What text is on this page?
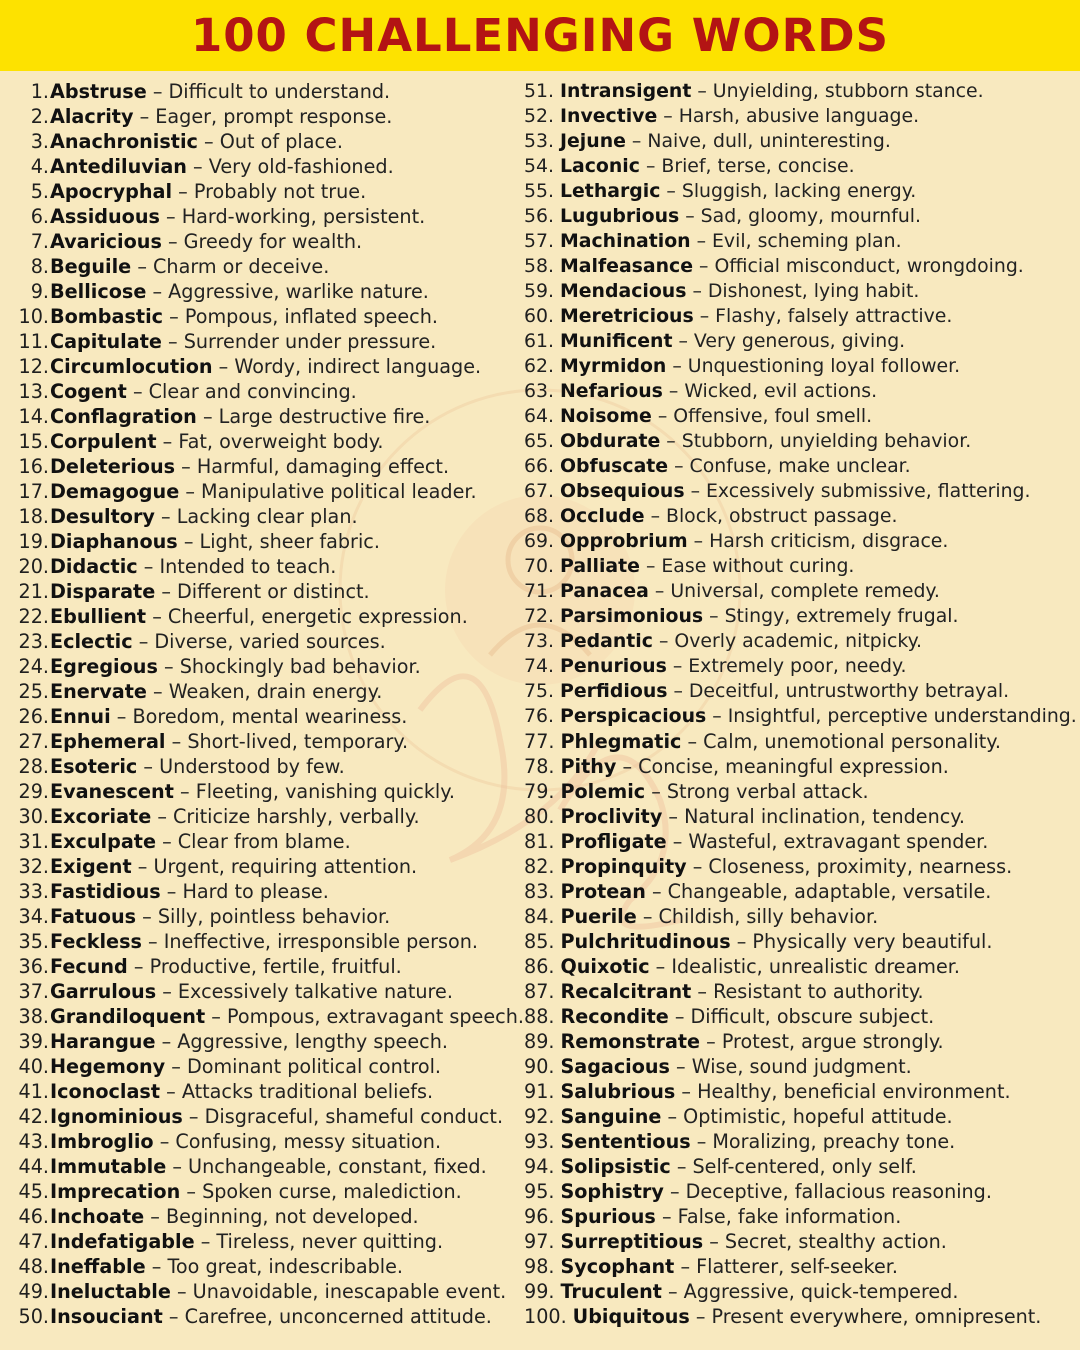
100 CHALLENGING WORDS
1. Abstruse
– Difficult to understand.
2. Alacrity
– Eager, prompt response.
3. Anachronistic
– Out of place.
4. Antediluvian
– Very old-fashioned.
5. Apocryphal
– Probably not true.
6. Assiduous
– Hard-working, persistent.
7. Avaricious
– Greedy for wealth.
8. Beguile
– Charm or deceive.
9. Bellicose
– Aggressive, warlike nature.
10. Bombastic
– Pompous, inflated speech.
11. Capitulate
– Surrender under pressure.
12. Circumlocution
– Wordy, indirect language.
13. Cogent
– Clear and convincing.
14. Conflagration
– Large destructive fire.
15. Corpulent
– Fat, overweight body.
16. Deleterious
– Harmful, damaging effect.
17. Demagogue
– Manipulative political leader.
18. Desultory
– Lacking clear plan.
19. Diaphanous
– Light, sheer fabric.
20. Didactic
– Intended to teach.
21. Disparate
– Different or distinct.
22. Ebullient
– Cheerful, energetic expression.
23. Eclectic
– Diverse, varied sources.
24. Egregious
– Shockingly bad behavior.
25. Enervate
– Weaken, drain energy.
26. Ennui
– Boredom, mental weariness.
27. Ephemeral
– Short-lived, temporary.
28. Esoteric
– Understood by few.
29. Evanescent
– Fleeting, vanishing quickly.
30. Excoriate
– Criticize harshly, verbally.
31. Exculpate
– Clear from blame.
32. Exigent
– Urgent, requiring attention.
33. Fastidious
– Hard to please.
34. Fatuous
– Silly, pointless behavior.
35. Feckless
– Ineffective, irresponsible person.
36. Fecund
– Productive, fertile, fruitful.
37. Garrulous
– Excessively talkative nature.
38. Grandiloquent
– Pompous, extravagant speech.
39. Harangue
– Aggressive, lengthy speech.
40. Hegemony
– Dominant political control.
41. Iconoclast
– Attacks traditional beliefs.
42. Ignominious
– Disgraceful, shameful conduct.
43. Imbroglio
– Confusing, messy situation.
44. Immutable
– Unchangeable, constant, fixed.
45. Imprecation
– Spoken curse, malediction.
46. Inchoate
– Beginning, not developed.
47. Indefatigable
– Tireless, never quitting.
48. Ineffable
– Too great, indescribable.
49. Ineluctable
– Unavoidable, inescapable event.
50. Insouciant
– Carefree, unconcerned attitude.
51. Intransigent
– Unyielding, stubborn stance.
52. Invective
– Harsh, abusive language.
53. Jejune
– Naive, dull, uninteresting.
54. Laconic
– Brief, terse, concise.
55. Lethargic
– Sluggish, lacking energy.
56. Lugubrious
– Sad, gloomy, mournful.
57. Machination
– Evil, scheming plan.
58. Malfeasance
– Official misconduct, wrongdoing.
59. Mendacious
– Dishonest, lying habit.
60. Meretricious
– Flashy, falsely attractive.
61. Munificent
– Very generous, giving.
62. Myrmidon
– Unquestioning loyal follower.
63. Nefarious
– Wicked, evil actions.
64. Noisome
– Offensive, foul smell.
65. Obdurate
– Stubborn, unyielding behavior.
66. Obfuscate
– Confuse, make unclear.
67. Obsequious
– Excessively submissive, flattering.
68. Occlude
– Block, obstruct passage.
69. Opprobrium
– Harsh criticism, disgrace.
70. Palliate
– Ease without curing.
71. Panacea
– Universal, complete remedy.
72. Parsimonious
– Stingy, extremely frugal.
73. Pedantic
– Overly academic, nitpicky.
74. Penurious
– Extremely poor, needy.
75. Perfidious
– Deceitful, untrustworthy betrayal.
76. Perspicacious
– Insightful, perceptive understanding.
77. Phlegmatic
– Calm, unemotional personality.
78. Pithy
– Concise, meaningful expression.
79. Polemic
– Strong verbal attack.
80. Proclivity
– Natural inclination, tendency.
81. Profligate
– Wasteful, extravagant spender.
82. Propinquity
– Closeness, proximity, nearness.
83. Protean
– Changeable, adaptable, versatile.
84. Puerile
– Childish, silly behavior.
85. Pulchritudinous
– Physically very beautiful.
86. Quixotic
– Idealistic, unrealistic dreamer.
87. Recalcitrant
– Resistant to authority.
88. Recondite
– Difficult, obscure subject.
89. Remonstrate
– Protest, argue strongly.
90. Sagacious
– Wise, sound judgment.
91. Salubrious
– Healthy, beneficial environment.
92. Sanguine
– Optimistic, hopeful attitude.
93. Sententious
– Moralizing, preachy tone.
94. Solipsistic
– Self-centered, only self.
95. Sophistry
– Deceptive, fallacious reasoning.
96. Spurious
– False, fake information.
97. Surreptitious
– Secret, stealthy action.
98. Sycophant
– Flatterer, self-seeker.
99. Truculent
– Aggressive, quick-tempered.
100. Ubiquitous
– Present everywhere, omnipresent.
